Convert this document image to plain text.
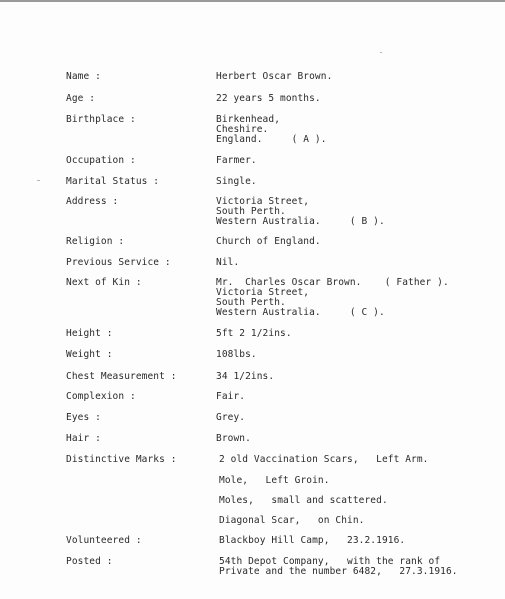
Name :	Herbert Oscar Brown.
Age :	22 years 5 months.
Birthplace :	Birkenhead,
Cheshire.
England.     ( A ).
Occupation :	Farmer.
Marital Status :	Single.
Address :	Victoria Street,
South Perth.
Western Australia.     ( B ).
Religion :	Church of England.
Previous Service :	Nil.
Next of Kin :	Mr.  Charles Oscar Brown.    ( Father ).
Victoria Street,
South Perth.
Western Australia.     ( C ).
Height :	5ft 2 1/2ins.
Weight :	108lbs.
Chest Measurement :	34 1/2ins.
Complexion :	Fair.
Eyes :	Grey.
Hair :	Brown.
Distinctive Marks :	2 old Vaccination Scars,   Left Arm.
Mole,   Left Groin.
Moles,   small and scattered.
Diagonal Scar,   on Chin.
Volunteered :	Blackboy Hill Camp,   23.2.1916.
Posted :	54th Depot Company,   with the rank of
Private and the number 6482,   27.3.1916.
